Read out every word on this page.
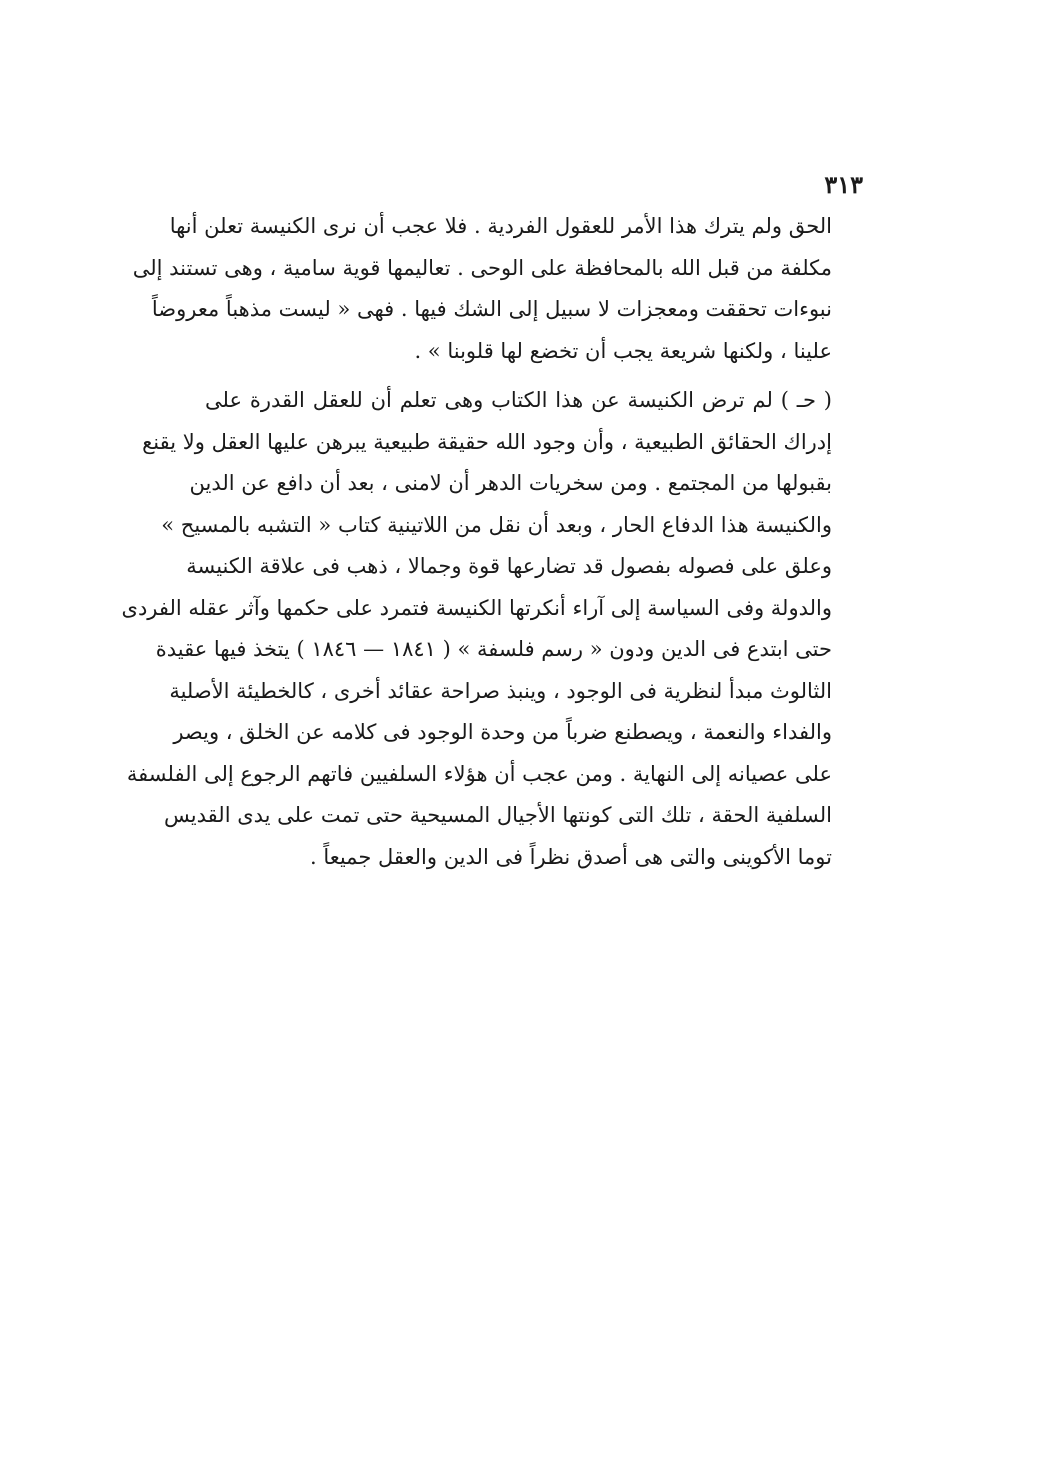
٣١٣

الحق ولم يترك هذا الأمر للعقول الفردية . فلا عجب أن نرى الكنيسة تعلن أنها
مكلفة من قبل الله بالمحافظة على الوحى . تعاليمها قوية سامية ، وهى تستند إلى
نبوءات تحققت ومعجزات لا سبيل إلى الشك فيها . فهى « ليست مذهباً معروضاً
علينا ، ولكنها شريعة يجب أن تخضع لها قلوبنا » .

( حـ ) لم ترض الكنيسة عن هذا الكتاب وهى تعلم أن للعقل القدرة على
إدراك الحقائق الطبيعية ، وأن وجود الله حقيقة طبيعية يبرهن عليها العقل ولا يقنع
بقبولها من المجتمع . ومن سخريات الدهر أن لامنى ، بعد أن دافع عن الدين
والكنيسة هذا الدفاع الحار ، وبعد أن نقل من اللاتينية كتاب « التشبه بالمسيح »
وعلق على فصوله بفصول قد تضارعها قوة وجمالا ، ذهب فى علاقة الكنيسة
والدولة وفى السياسة إلى آراء أنكرتها الكنيسة فتمرد على حكمها وآثر عقله الفردى
حتى ابتدع فى الدين ودون « رسم فلسفة » ( ١٨٤١ — ١٨٤٦ ) يتخذ فيها عقيدة
الثالوث مبدأ لنظرية فى الوجود ، وينبذ صراحة عقائد أخرى ، كالخطيئة الأصلية
والفداء والنعمة ، ويصطنع ضرباً من وحدة الوجود فى كلامه عن الخلق ، ويصر
على عصيانه إلى النهاية . ومن عجب أن هؤلاء السلفيين فاتهم الرجوع إلى الفلسفة
السلفية الحقة ، تلك التى كونتها الأجيال المسيحية حتى تمت على يدى القديس
توما الأكوينى والتى هى أصدق نظراً فى الدين والعقل جميعاً .
